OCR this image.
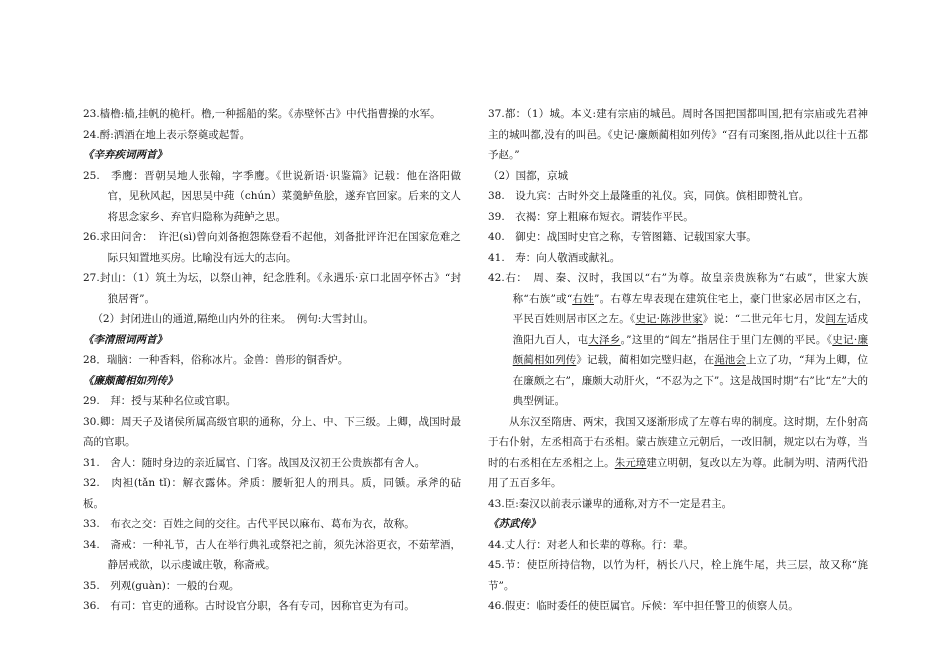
23.樯橹:樯,挂帆的桅杆。橹,一种摇船的桨。《赤壁怀古》中代指曹操的水军。

24.酹:洒酒在地上表示祭奠或起誓。

《辛弃疾词两首》

25.　季鹰：晋朝吴地人张翰，字季鹰。《世说新语·识鉴篇》记载：他在洛阳做官，见秋风起，因思吴中莼（chún）菜羹鲈鱼脍，遂弃官回家。后来的文人将思念家乡、弃官归隐称为莼鲈之思。

26.求田问舍：　许汜(sì)曾向刘备抱怨陈登看不起他，刘备批评许汜在国家危难之际只知置地买房。比喻没有远大的志向。

27.封山：（1）筑土为坛，以祭山神，纪念胜利。《永遇乐·京口北固亭怀古》“封狼居胥”。

（2）封闭进山的通道,隔绝山内外的往来。　例句:大雪封山。

《李清照词两首》

28．瑞脑：一种香料，俗称冰片。金兽：兽形的铜香炉。

《廉颇蔺相如列传》

29.　拜：授与某种名位或官职。

30.卿：周天子及诸侯所属高级官职的通称，分上、中、下三级。上卿，战国时最高的官职。

31.　舍人：随时身边的亲近属官、门客。战国及汉初王公贵族都有舍人。

32.　肉袒(tǎn tǐ)：解衣露体。斧质：腰斩犯人的刑具。质，同锧。承斧的砧板。

33.　布衣之交：百姓之间的交往。古代平民以麻布、葛布为衣，故称。

34.　斋戒：一种礼节，古人在举行典礼或祭祀之前，须先沐浴更衣，不茹荤酒，静居戒欲，以示虔诚庄敬，称斋戒。

35.　列观(guàn)：一般的台观。

36.　有司：官吏的通称。古时设官分职，各有专司，因称官吏为有司。

37.都：（1）城。本义:建有宗庙的城邑。周时各国把国都叫国,把有宗庙或先君神主的城叫都,没有的叫邑。《史记·廉颇蔺相如列传》“召有司案图,指从此以往十五都予赵。”

（2）国都，京城

38.　设九宾：古时外交上最隆重的礼仪。宾，同傧。傧相即赞礼官。

39.　衣褐：穿上粗麻布短衣。谓装作平民。

40.　御史：战国时史官之称，专管图籍、记载国家大事。

41.　寿：向人敬酒或献礼。

42.右：　周、秦、汉时，我国以“右”为尊。故皇亲贵族称为“右戚”，世家大族称“右族”或“右姓”。右尊左卑表现在建筑住宅上，豪门世家必居市区之右，平民百姓则居市区之左。《史记·陈涉世家》说：“二世元年七月，发闾左适戍渔阳九百人，屯大泽乡。”这里的“闾左”指居住于里门左侧的平民。《史记·廉颇蔺相如列传》记载，蔺相如完璧归赵，在渑池会上立了功，“拜为上卿，位在廉颇之右”，廉颇大动肝火，“不忍为之下”。这是战国时期“右”比“左”大的典型例证。

从东汉至隋唐、两宋，我国又逐渐形成了左尊右卑的制度。这时期，左仆射高于右仆射，左丞相高于右丞相。蒙古族建立元朝后，一改旧制，规定以右为尊，当时的右丞相在左丞相之上。朱元璋建立明朝，复改以左为尊。此制为明、清两代沿用了五百多年。

43.臣:秦汉以前表示谦卑的通称,对方不一定是君主。

《苏武传》

44.丈人行：对老人和长辈的尊称。行：辈。

45.节：使臣所持信物，以竹为杆，柄长八尺，栓上旄牛尾，共三层，故又称“旄节”。

46.假吏：临时委任的使臣属官。斥候：军中担任警卫的侦察人员。
